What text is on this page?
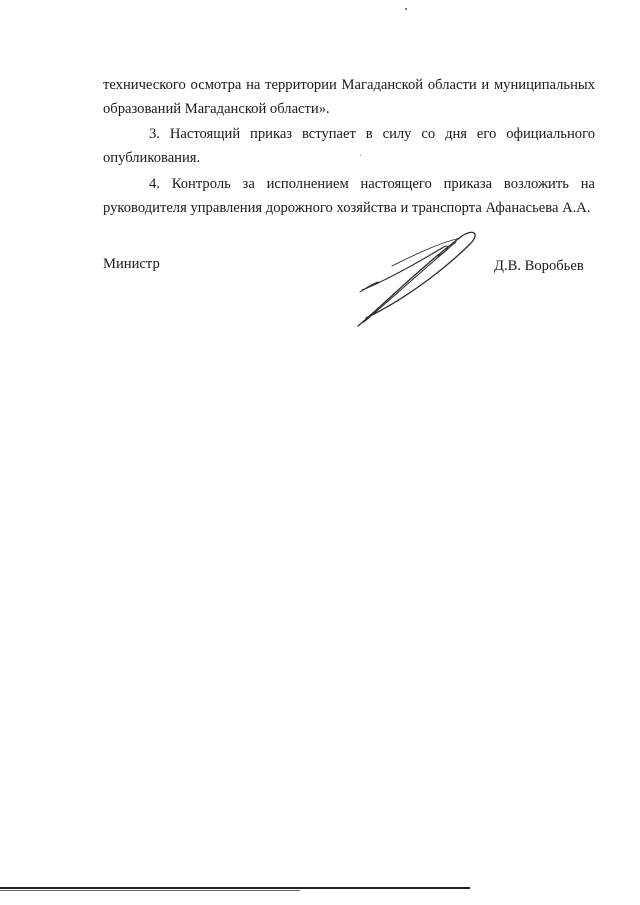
технического осмотра на территории Магаданской области и муниципальных
образований Магаданской области».
3. Настоящий приказ вступает в силу со дня его официального
опубликования.
4. Контроль за исполнением настоящего приказа возложить на
руководителя управления дорожного хозяйства и транспорта Афанасьева А.А.
Министр	Д.В. Воробьев
